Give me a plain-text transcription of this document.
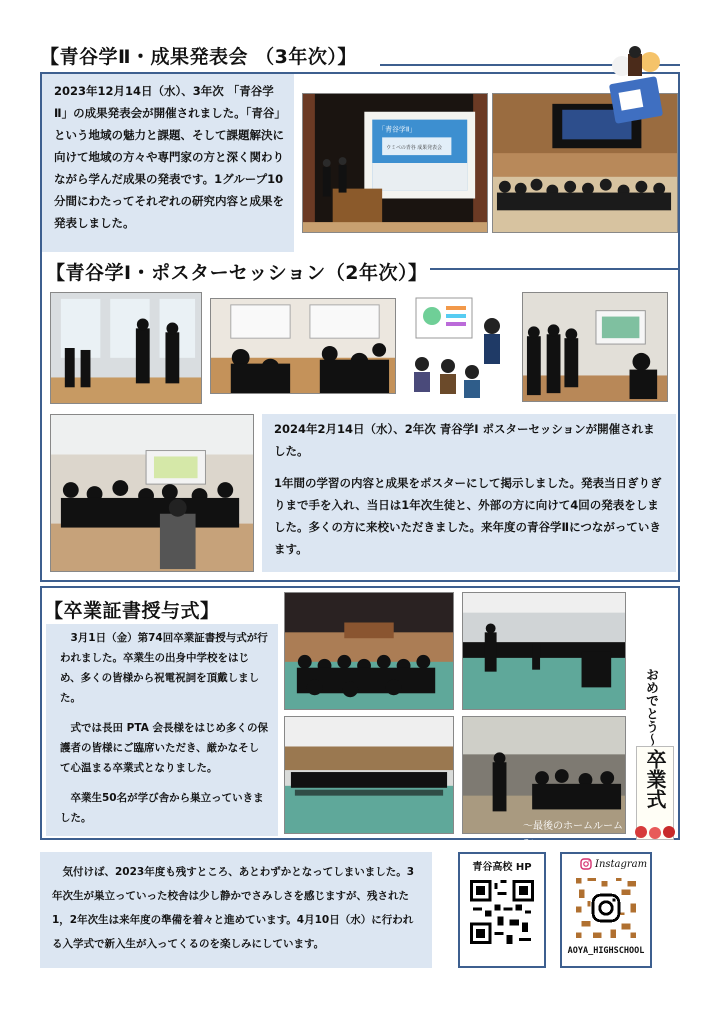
【青谷学Ⅱ・成果発表会 （3年次）】

2023年12月14日（水）、3年次 「青谷学Ⅱ」の成果発表会が開催されました。「青谷」という地域の魅力と課題、そして課題解決に向けて地域の方々や専門家の方と深く関わりながら学んだ成果の発表です。1グループ10分間にわたってそれぞれの研究内容と成果を発表しました。

「青谷学Ⅱ」
ウミベの青谷 成果発表会
【青谷学Ⅰ・ポスターセッション（2年次）】

2024年2月14日（水）、2年次 青谷学Ⅰ ポスターセッションが開催されました。

1年間の学習の内容と成果をポスターにして掲示しました。発表当日ぎりぎりまで手を入れ、当日は1年次生徒と、外部の方に向けて4回の発表をしました。多くの方に来校いただきました。来年度の青谷学Ⅱにつながっていきます。

【卒業証書授与式】

3月1日（金）第74回卒業証書授与式が行われました。卒業生の出身中学校をはじめ、多くの皆様から祝電祝詞を頂戴しました。

式では長田 PTA 会長様をはじめ多くの保護者の皆様にご臨席いただき、厳かなそして心温まる卒業式となりました。

卒業生50名が学び舎から巣立っていきました。

～最後のホームルーム～
おめでとう～
卒業式

気付けば、2023年度も残すところ、あとわずかとなってしまいました。3年次生が巣立っていった校舎は少し静かでさみしさを感じますが、残された1，2年次生は来年度の準備を着々と進めています。4月10日（水）に行われる入学式で新入生が入ってくるのを楽しみにしています。

青谷高校 HP	Instagram
AOYA_HIGHSCHOOL
